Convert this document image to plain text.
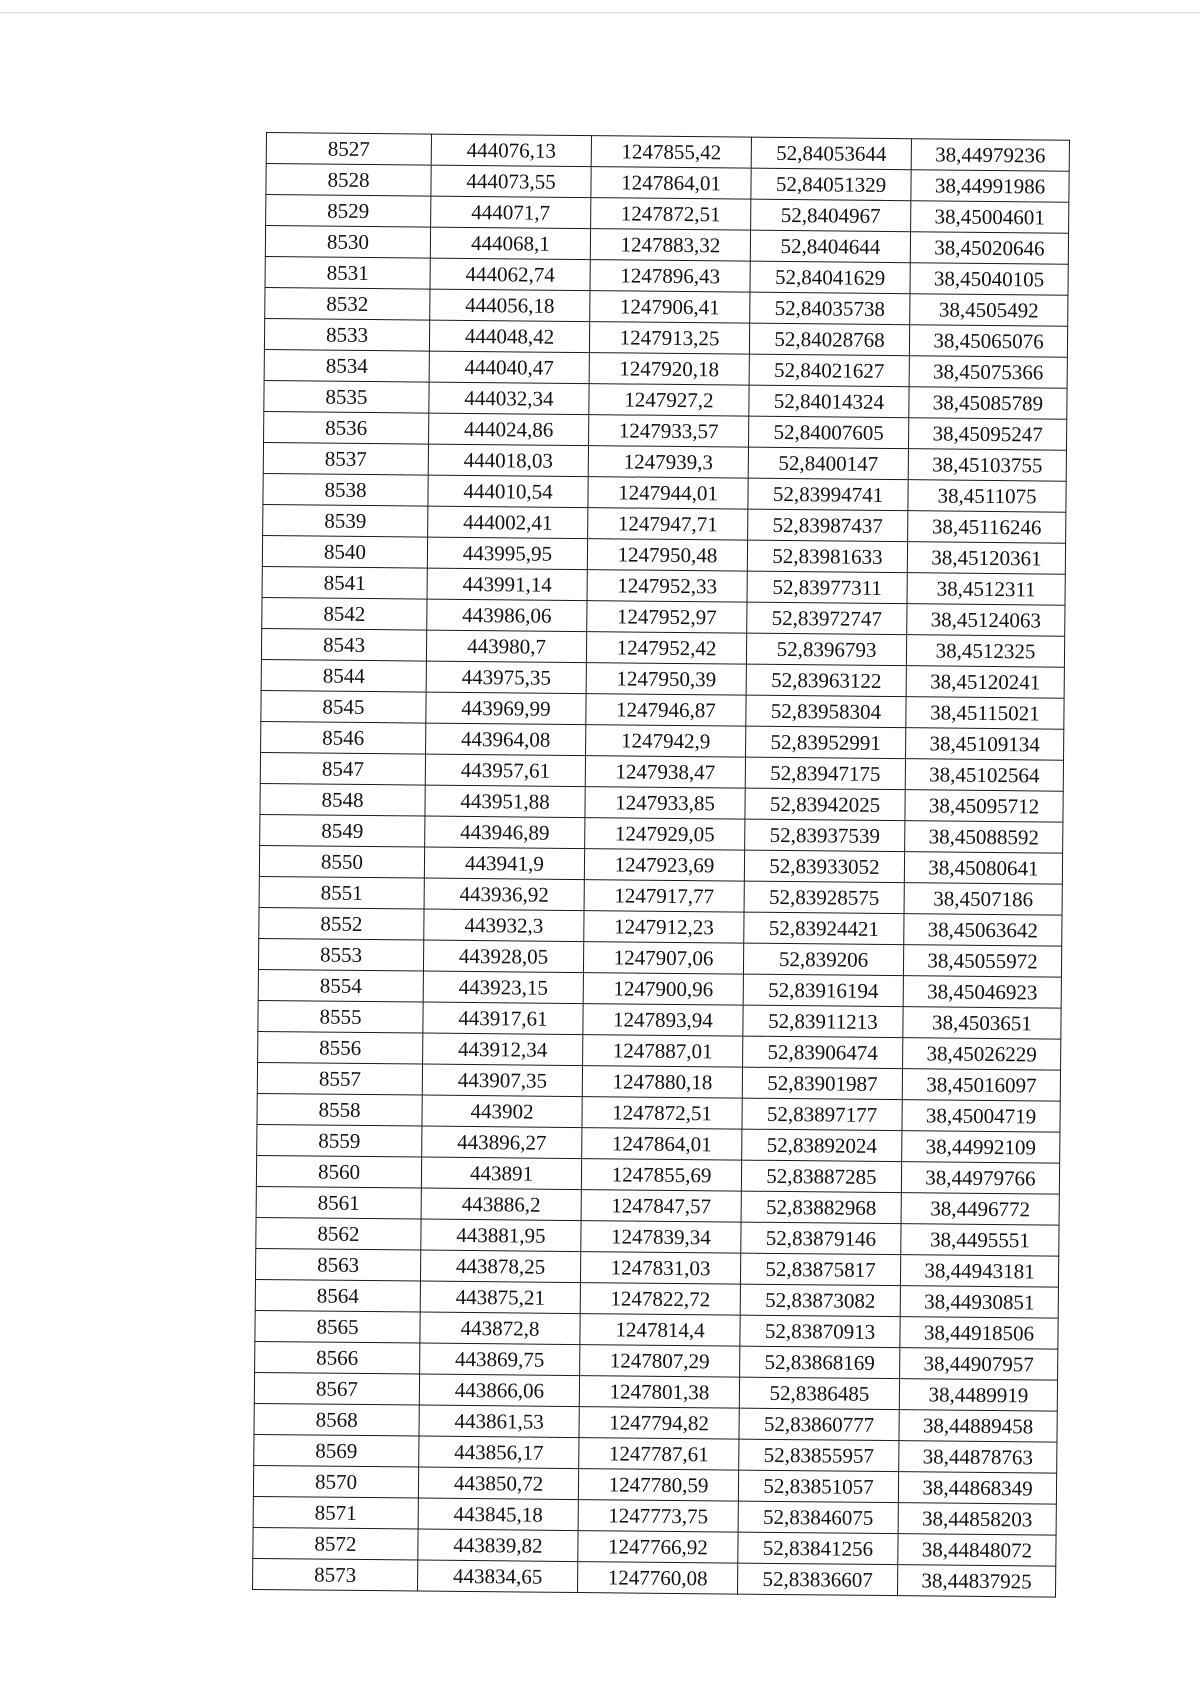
8527	444076,13	1247855,42	52,84053644	38,44979236
8528	444073,55	1247864,01	52,84051329	38,44991986
8529	444071,7	1247872,51	52,8404967	38,45004601
8530	444068,1	1247883,32	52,8404644	38,45020646
8531	444062,74	1247896,43	52,84041629	38,45040105
8532	444056,18	1247906,41	52,84035738	38,4505492
8533	444048,42	1247913,25	52,84028768	38,45065076
8534	444040,47	1247920,18	52,84021627	38,45075366
8535	444032,34	1247927,2	52,84014324	38,45085789
8536	444024,86	1247933,57	52,84007605	38,45095247
8537	444018,03	1247939,3	52,8400147	38,45103755
8538	444010,54	1247944,01	52,83994741	38,4511075
8539	444002,41	1247947,71	52,83987437	38,45116246
8540	443995,95	1247950,48	52,83981633	38,45120361
8541	443991,14	1247952,33	52,83977311	38,4512311
8542	443986,06	1247952,97	52,83972747	38,45124063
8543	443980,7	1247952,42	52,8396793	38,4512325
8544	443975,35	1247950,39	52,83963122	38,45120241
8545	443969,99	1247946,87	52,83958304	38,45115021
8546	443964,08	1247942,9	52,83952991	38,45109134
8547	443957,61	1247938,47	52,83947175	38,45102564
8548	443951,88	1247933,85	52,83942025	38,45095712
8549	443946,89	1247929,05	52,83937539	38,45088592
8550	443941,9	1247923,69	52,83933052	38,45080641
8551	443936,92	1247917,77	52,83928575	38,4507186
8552	443932,3	1247912,23	52,83924421	38,45063642
8553	443928,05	1247907,06	52,839206	38,45055972
8554	443923,15	1247900,96	52,83916194	38,45046923
8555	443917,61	1247893,94	52,83911213	38,4503651
8556	443912,34	1247887,01	52,83906474	38,45026229
8557	443907,35	1247880,18	52,83901987	38,45016097
8558	443902	1247872,51	52,83897177	38,45004719
8559	443896,27	1247864,01	52,83892024	38,44992109
8560	443891	1247855,69	52,83887285	38,44979766
8561	443886,2	1247847,57	52,83882968	38,4496772
8562	443881,95	1247839,34	52,83879146	38,4495551
8563	443878,25	1247831,03	52,83875817	38,44943181
8564	443875,21	1247822,72	52,83873082	38,44930851
8565	443872,8	1247814,4	52,83870913	38,44918506
8566	443869,75	1247807,29	52,83868169	38,44907957
8567	443866,06	1247801,38	52,8386485	38,4489919
8568	443861,53	1247794,82	52,83860777	38,44889458
8569	443856,17	1247787,61	52,83855957	38,44878763
8570	443850,72	1247780,59	52,83851057	38,44868349
8571	443845,18	1247773,75	52,83846075	38,44858203
8572	443839,82	1247766,92	52,83841256	38,44848072
8573	443834,65	1247760,08	52,83836607	38,44837925
